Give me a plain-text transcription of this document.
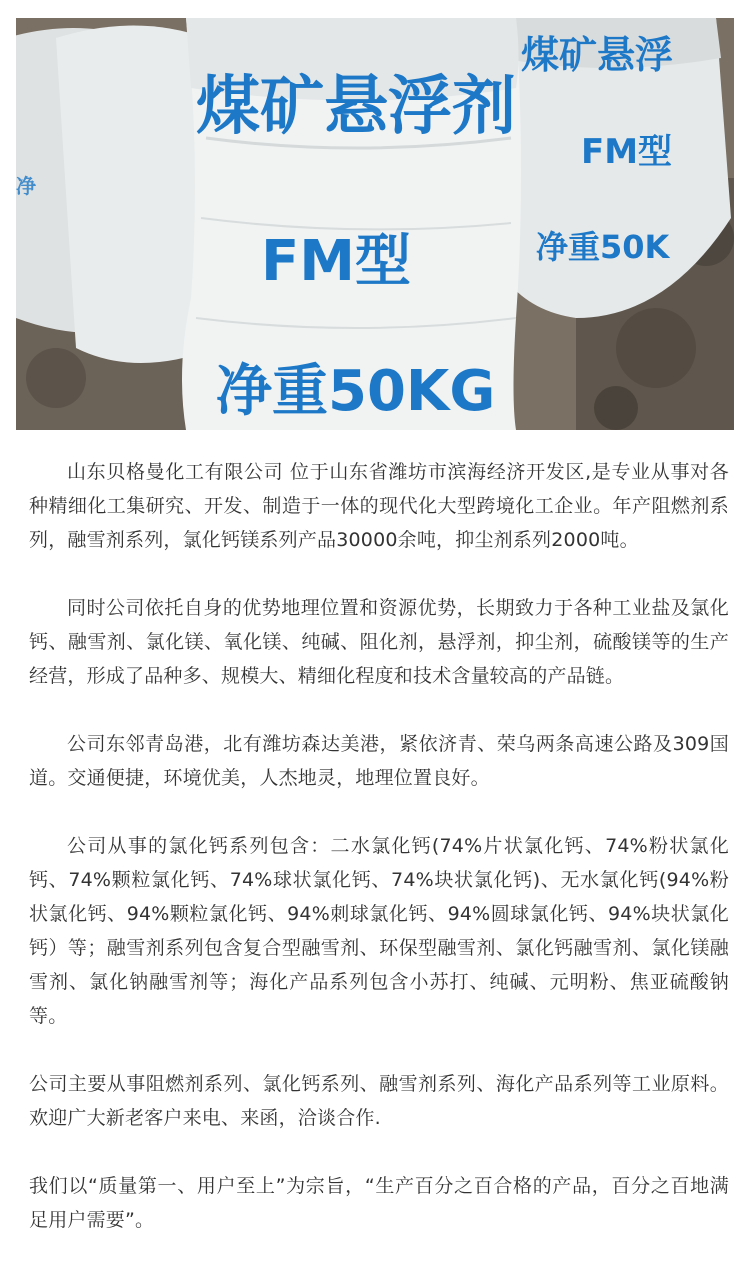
净
煤矿悬浮
FM型
净重50K
煤矿悬浮剂
FM型
净重50KG

山东贝格曼化工有限公司 位于山东省潍坊市滨海经济开发区,是专业从事对各种精细化工集研究、开发、制造于一体的现代化大型跨境化工企业。年产阻燃剂系列，融雪剂系列，氯化钙镁系列产品30000余吨，抑尘剂系列2000吨。

同时公司依托自身的优势地理位置和资源优势，长期致力于各种工业盐及氯化钙、融雪剂、氯化镁、氧化镁、纯碱、阻化剂，悬浮剂，抑尘剂，硫酸镁等的生产经营，形成了品种多、规模大、精细化程度和技术含量较高的产品链。

公司东邻青岛港，北有潍坊森达美港，紧依济青、荣乌两条高速公路及309国道。交通便捷，环境优美，人杰地灵，地理位置良好。

公司从事的氯化钙系列包含：二水氯化钙(74%片状氯化钙、74%粉状氯化钙、74%颗粒氯化钙、74%球状氯化钙、74%块状氯化钙)、无水氯化钙(94%粉状氯化钙、94%颗粒氯化钙、94%刺球氯化钙、94%圆球氯化钙、94%块状氯化钙）等；融雪剂系列包含复合型融雪剂、环保型融雪剂、氯化钙融雪剂、氯化镁融雪剂、氯化钠融雪剂等；海化产品系列包含小苏打、纯碱、元明粉、焦亚硫酸钠等。

公司主要从事阻燃剂系列、氯化钙系列、融雪剂系列、海化产品系列等工业原料。欢迎广大新老客户来电、来函，洽谈合作.

我们以“质量第一、用户至上”为宗旨，“生产百分之百合格的产品，百分之百地满足用户需要”。
